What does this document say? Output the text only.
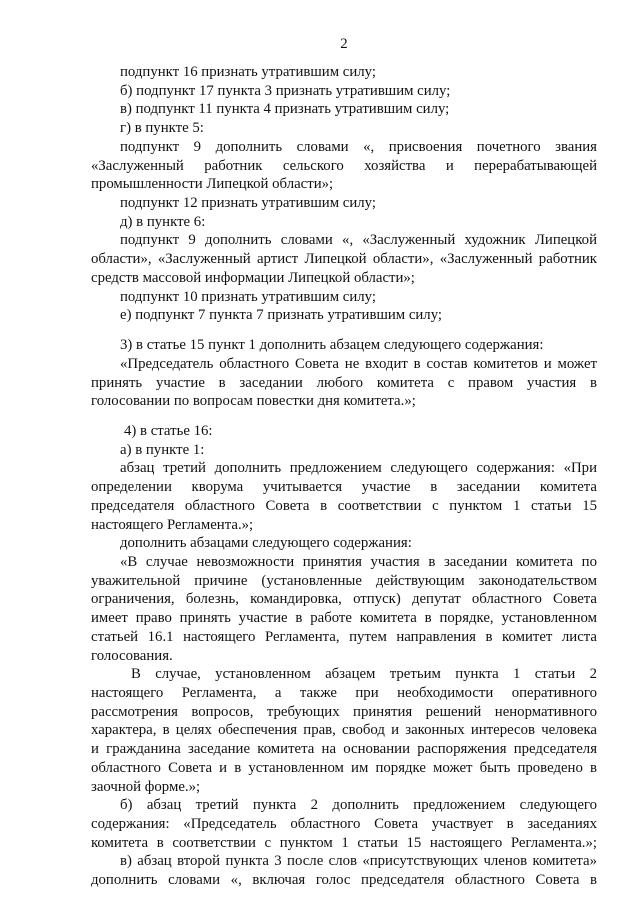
2
подпункт 16 признать утратившим силу;
б) подпункт 17 пункта 3 признать утратившим силу;
в) подпункт 11 пункта 4 признать утратившим силу;
г) в пункте 5:
подпункт 9 дополнить словами «, присвоения почетного звания
«Заслуженный работник сельского хозяйства и перерабатывающей
промышленности Липецкой области»;
подпункт 12 признать утратившим силу;
д) в пункте 6:
подпункт 9 дополнить словами «, «Заслуженный художник Липецкой
области», «Заслуженный артист Липецкой области», «Заслуженный работник
средств массовой информации Липецкой области»;
подпункт 10 признать утратившим силу;
е) подпункт 7 пункта 7 признать утратившим силу;
3) в статье 15 пункт 1 дополнить абзацем следующего содержания:
«Председатель областного Совета не входит в состав комитетов и может
принять участие в заседании любого комитета с правом участия в
голосовании по вопросам повестки дня комитета.»;
4) в статье 16:
а) в пункте 1:
абзац третий дополнить предложением следующего содержания: «При
определении кворума учитывается участие в заседании комитета
председателя областного Совета в соответствии с пунктом 1 статьи 15
настоящего Регламента.»;
дополнить абзацами следующего содержания:
«В случае невозможности принятия участия в заседании комитета по
уважительной причине (установленные действующим законодательством
ограничения, болезнь, командировка, отпуск) депутат областного Совета
имеет право принять участие в работе комитета в порядке, установленном
статьей 16.1 настоящего Регламента, путем направления в комитет листа
голосования.
В случае, установленном абзацем третьим пункта 1 статьи 2
настоящего Регламента, а также при необходимости оперативного
рассмотрения вопросов, требующих принятия решений ненормативного
характера, в целях обеспечения прав, свобод и законных интересов человека
и гражданина заседание комитета на основании распоряжения председателя
областного Совета и в установленном им порядке может быть проведено в
заочной форме.»;
б) абзац третий пункта 2 дополнить предложением следующего
содержания: «Председатель областного Совета участвует в заседаниях
комитета в соответствии с пунктом 1 статьи 15 настоящего Регламента.»;
в) абзац второй пункта 3 после слов «присутствующих членов комитета»
дополнить словами «, включая голос председателя областного Совета в
